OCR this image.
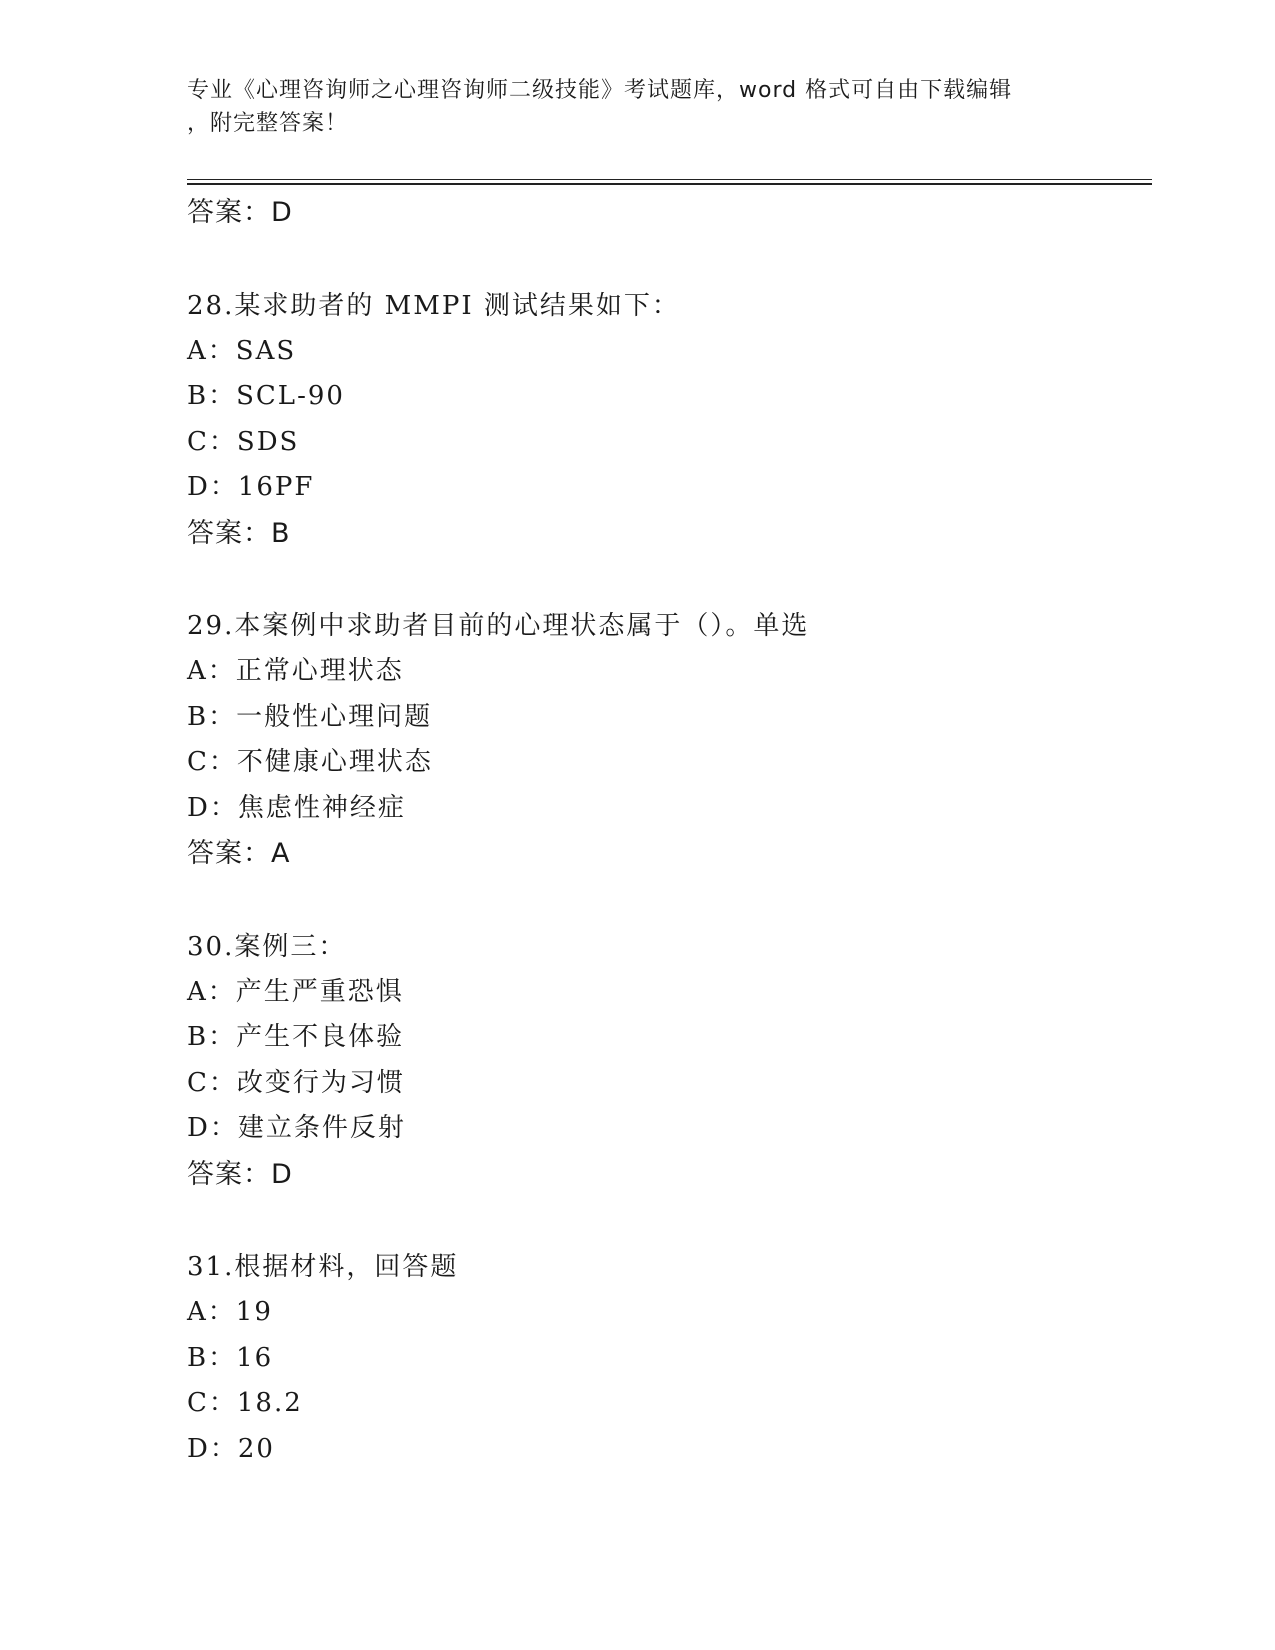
专业《心理咨询师之心理咨询师二级技能》考试题库，word 格式可自由下载编辑
，附完整答案！
答案：D
28.某求助者的 MMPI 测试结果如下：
A：SAS
B：SCL-90
C：SDS
D：16PF
答案：B
29.本案例中求助者目前的心理状态属于（）。单选
A：正常心理状态
B：一般性心理问题
C：不健康心理状态
D：焦虑性神经症
答案：A
30.案例三：
A：产生严重恐惧
B：产生不良体验
C：改变行为习惯
D：建立条件反射
答案：D
31.根据材料，回答题
A：19
B：16
C：18.2
D：20
